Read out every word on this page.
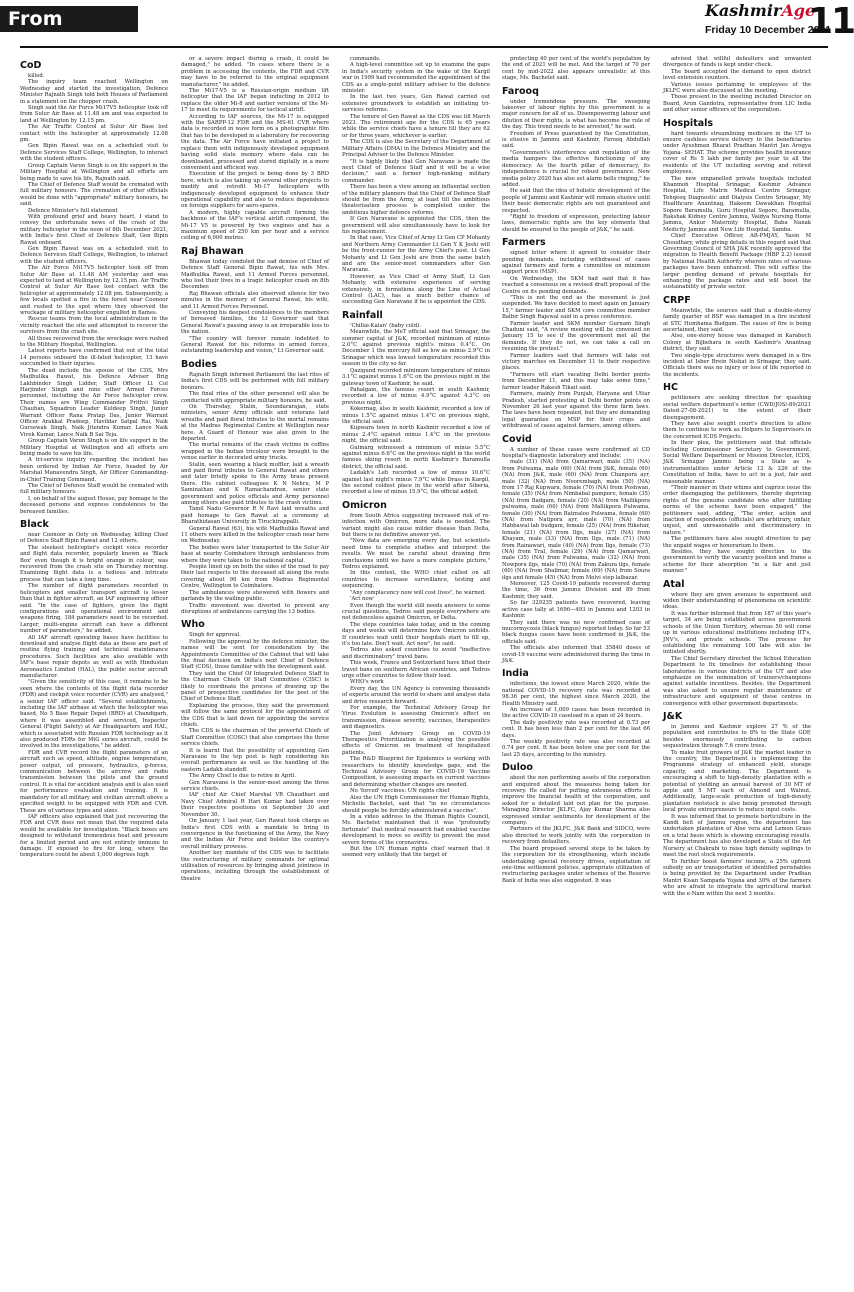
From Page....01
KashmirAge
Friday 10 December 2021
11
CoD

killed.

The inquiry team reached Wellington on Wednesday and started the investigation, Defence Minister Rajnath Singh told both Houses of Parliament in a statement on the chopper crash.

Singh said the Air Force Mi17V5 helicopter took off from Sulur Air Base at 11.48 am and was expected to land at Wellington by 12.15 pm.

The Air Traffic Control at Sulur Air Base lost contact with the helicopter at approximately 12.08 pm.

Gen Bipin Rawat was on a scheduled visit to Defence Services Staff College, Wellington, to interact with the student officers.

Group Captain Varun Singh is on life support in the Military Hospital at Wellington and all efforts are being made to save his life, Rajnath said.

The Chief of Defence Staff would be cremated with full military honours. The cremation of other officials would be done with "appropriate" military honours, he said.

Defence Minister's full statement

With profound grief and heavy heart, I stand to convey the unfortunate news of the crash of the military helicopter in the noon of 8th December 2021, with India's first Chief of Defence Staff, Gen Bipin Rawat onboard.

Gen Bipin Rawat was on a scheduled visit to Defence Services Staff College, Wellington, to interact with the student officers.

The Air Force Mi17V5 helicopter took off from Sulur Air Base at 11.48 AM yesterday and was expected to land at Wellington by 12.15 pm. Air Traffic Control at Sulur Air Base lost contact with the helicopter at approximately 12.08 pm. Subsequently, a few locals spotted a fire in the forest near Coonoor and rushed to the spot where they observed the wreckage of military helicopter engulfed in flames.

Rescue teams from the local administration in the vicinity reached the site and attempted to recover the survivors from the crash site.

All those recovered from the wreckage were rushed to the Military Hospital, Wellington.

Latest reports have confirmed that out of the total 14 persons onboard the ill-fated helicopter, 13 have succumbed to their injuries.

The dead include the spouse of the CDS, Mrs Madhulika Rawat, his Defence Adviser Brig Lakhbinder Singh Lidder, Staff Officer Lt Col Harjinder Singh and nine other Armed Forces personnel, including the Air Force helicopter crew. Their names are Wing Commander Prithvi Singh Chauhan, Squadron Leader Kuldeep Singh, Junior Warrant Officer Rana Pratap Das, Junior Warrant Officer Arakkal Pradeep, Havildar Satpal Rai, Naik Gursewak Singh, Naik Jitendra Kumar, Lance Naik Vivek Kumar, Lance Naik B Sai Teja.

Group Captain Varun Singh is on life support in the Military Hospital at Wellington and all efforts are being made to save his life.

A tri-service inquiry regarding the incident has been ordered by Indian Air Force, headed by Air Marshal Manavendra Singh, Air Officer Commanding-in-Chief Training Command.

The Chief of Defence Staff would be cremated with full military honours.

I, on behalf of the august House, pay homage to the deceased persons and express condolences to the bereaved families.

Black

near Coonoor in Ooty on Wednesday, killing Chief of Defence Staff Bipin Rawat and 12 others.

The sleekest helicopter's cockpit voice recorder and flight data recorder, popularly known as 'Black Box' even though it is bright orange in colour, was recovered from the crash site on Thursday morning. Examining flight data is a tedious and intricate process that can take a long time.

The number of flight parameters recorded in helicopters and smaller transport aircraft is lesser than that in fighter aircraft, an IAF engineering officer said. "In the case of fighters, given the flight configurations and operational environment and weapons firing, 184 parameters need to be recorded. Larger, multi-engine aircraft can have a different number of parameters," he added.

All IAF aircraft operating bases have facilities to download and analyse flight data as these are part of routine flying training and technical maintenance procedures. Such facilities are also available with IAF's base repair depots as well as with Hindustan Aeronautics Limited (HAL), the public sector aircraft manufacturer.

"Given the sensitivity of this case, it remains to be seen where the contents of the flight data recorder (FDR) and cockpit voice recorder (CVR) are analysed," a senior IAF officer said. "Several establishments, including the IAF airbase at which the helicopter was based, No 5 Base Repair Depot (BRD) at Chandigarh, where it was assembled and serviced, Inspector General (Flight Safety) at Air Headquarters and HAL, which is associated with Russian FDR technology as it also produced FDRs for MiG series aircraft, could be involved in the investigations," he added.

FDR and CVR record the flight parameters of an aircraft such as speed, altitude, engine temperature, power output, oil pressure, hydraulics, g-forces, communication between the aircrew and radio transmission between the pilots and the ground control. It is vital for accident analysis and is also used for performance evaluation and training. It is mandatory for all military and civilian aircraft above a specified weight to be equipped with FDR and CVR. These are of various types and sizes.

IAF officers also explained that just recovering the FDR and CVR does not mean that the required data would be available for investigation. "Black boxes are designed to withstand tremendous heat and pressure for a limited period and are not entirely immune to damage. If exposed to fire for long, where the temperature could be about 1,000 degrees high

or a severe impact during a crash, it could be damaged," he added. "In cases where there is a problem in accessing the contents, the FDR and CVR may have to be referred to the original equipment manufacturer," he added.

The Mi17-V5 is a Russian-origin medium lift helicopter that the IAF began inducting in 2012 to replace the older Mi-8 and earlier versions of the Mi-17 to meet its requirements for tactical airlift.

According to IAF sources, the Mi-17 is equipped with the SARPP-12 FDR and the MS-61 CVR where data is recorded in wave form on a photographic film that has to be developed in a laboratory for recovering the data. The Air Force have initiated a project to replace them with indigenously developed equipment having solid state memory where data can be downloaded, processed and stored digitally in a more convenient and efficient way.

Execution of the project is being done by 3 BRD here, which is also taking up several other projects to modify and retrofit Mi-17 helicopters with indigenously developed equipment to enhance their operational capability and also to reduce dependence on foreign suppliers for aero-spares.

A modern, highly capable aircraft forming the backbone of the IAF's vertical airlift component, the Mi-17 V5 is powered by two engines and has a maximum speed of 250 km per hour and a service ceiling of 6,000 metres.

Raj Bhawan

Bhawan today condoled the sad demise of Chief of Defence Staff General Bipin Rawat, his wife Mrs. Madhulika Rawat, and 11 Armed Forces personnel, who lost their lives in a tragic helicopter crash on 8th December.

Raj Bhawan officials also observed silence for two minutes in the memory of General Rawat, his wife, and 11 Armed Forces Personnel.

Conveying his deepest condolences to the members of bereaved families, the Lt Governor said that General Rawat's passing away is an irreparable loss to the nation.

"The country will forever remain indebted to General Rawat for his reforms in armed forces, outstanding leadership and vision," Lt Governor said.

Bodies

Rajnath Singh informed Parliament the last rites of India's first CDS will be performed with full military honours.

The final rites of the other personnel will also be conducted with appropriate military honours, he said.

On Thursday, Stalin, Soundararajan, state ministers, senior Army officials and veterans laid wreaths and paid floral tributes to the mortal remains at the Madras Regimental Centre at Wellington near here. A Guard of Honour was also given to the departed.

The mortal remains of the crash victims in coffins wrapped in the Indian tricolour were brought to the venue earlier in decorated army trucks.

Stalin, seen wearing a black muffler, laid a wreath and paid floral tributes to General Rawat and others and later briefly spoke to the Army brass present there. His cabinet colleagues K N Nehru, M P Saminathan and K Ramachandran, senior state government and police officials and Army personnel among others also paid tributes to the crash victims.

Tamil Nadu Governor R N Ravi laid wreaths and paid homage to Gen Rawat at a ceremony at Bharathidasan University in Tiruchirappalli.

General Rawat (63), his wife Madhulika Rawat and 11 others were killed in the helicopter crash near here on Wednesday.

The bodies were later transported to the Sulur Air base at nearby Coimbatore through ambulances from where they were taken to the national capital.

People lined up on both the sides of the road to pay their last respects to the deceased all along the route covering about 90 km from Madras Regimental Centre, Wellington to Coimbatore.

The ambulances were showered with flowers and garlands by the wailing public.

Traffic movement was diverted to prevent any disruptions of ambulances carrying the 13 bodies.

Who

Singh for approval.

Following the approval by the defence minister, the names will be sent for consideration by the Appointments Committee of the Cabinet that will take the final decision on India's next Chief of Defence Staff (CDS), those familiar with the development said.

They said the Chief Of Integrated Defence Staff to the Chairman Chiefs Of Staff Committee (CISC) is likely to coordinate the process of drawing up the panel of prospective candidates for the post of the Chief of Defence Staff.

Explaining the process, they said the government will follow the same protocol for the appointment of the CDS that is laid down for appointing the service chiefs.

The CDS is the chairman of the powerful Chiefs of Staff Committee (COSC) that also comprises the three service chiefs.

It is learnt that the possibility of appointing Gen Naravane to the top post is high considering his overall performance as well as the handling of the eastern Ladakh standoff.

The Army Chief is due to retire in April.

Gen Naravane is the senior-most among the three service chiefs.

IAF chief Air Chief Marshal VR Chaudhari and Navy Chief Admiral R Hari Kumar had taken over their respective positions on September 30 and November 30.

On January 1 last year, Gen Rawat took charge as India's first CDS with a mandate to bring in convergence in the functioning of the Army, the Navy and the Indian Air Force and bolster the country's overall military prowess.

Another key mandate of the CDS was to facilitate the restructuring of military commands for optimal utilisation of resources by bringing about jointness in operations, including through the establishment of theatre

commands.

A high-level committee set up to examine the gaps in India's security system in the wake of the Kargil war in 1999 had recommended the appointment of the CDS as a single-point military adviser to the defence minister.

In the last two years, Gen Rawat carried out extensive groundwork to establish an initiating tri-services reforms.

The tenure of Gen Rawat as the CDS was till March 2023. The retirement age for the CDS is 65 years while the service chiefs have a tenure till they are 62 or for three years, whichever is earlier.

The CDS is also the Secretary of the Department of Military Affairs (DMA) in the Defence Ministry and the Principal Adviser to the Defence Minister.

"It is highly likely that Gen Naravane is made the next Chief of Defence Staff and it will be a wise decision," said a former high-ranking military commander.

There has been a view among an influential section of the military planners that the Chief of Defence Staff should be from the Army, at least till the ambitious theaterisation process is completed under the ambitious higher defence reforms.

If Gen Naravane is appointed the CDS, then the government will also simultaneously have to look for his replacement.

In that case, Vice Chief of Army Lt Gen CP Mohanty and Northern Army Commander Lt Gen Y K Joshi will be the front-runner for the Army Chief's post. Lt Gen Mohanty and Lt Gen Joshi are from the same batch and are the senior-most commanders after Gen Naravane.

However, as Vice Chief of Army Staff, Lt Gen Mohanty, with extensive experience of serving extensively, in formations along the Line of Actual Control (LAC), has a much better chance of succeeding Gen Naravane if he is appointed the CDS.

Rainfall

'Chillai-Kalan' (baby cold).

Meanwhile, the MeT official said that Srinagar, the summer capital of J&K, recorded minimum of minus 2.0°C against previous night's minus 0.4°C. On December 1 the mercury fell as low as minus 2.9°C in Srinagar which was lowest temperature recorded this season in the city so far.

Qazigund recorded minimum temperature of minus 3.1°C against minus 1.6°C on the previous night in the gateway town of Kashmir, he said.

Pahalgam, the famous resort in south Kashmir, recorded a low of minus 4.9°C against 4.3°C on previous night.

Kokernag, also in south Kashmir, recorded a low of minus 1.5°C against minus 1.4°C on previous night, the official said.

Kupwara town in north Kashmir recorded a low of minus 2.4°C against minus 1.4°C on the previous night, the official said.

Gulmarg witnessed a minimum of minus 5.5°C against minus 6.6°C on the previous night in the world famous skiing resort in north Kashmir's Baramulla district, the official said.

Ladakh's Leh recorded a low of minus 10.6°C against last night's minus 7.9°C while Drass in Kargil, the second coldest place in the world after Siberia, recorded a low of minus 15.9°C, the official added.

Omicron

from South Africa suggesting increased risk of re-infection with Omicron, more data is needed. The variant might also cause milder disease than Delta, but there is no definitive answer yet.

"New data are emerging every day, but scientists need time to complete studies and interpret the results. We must be careful about drawing firm conclusions until we have a more complete picture," Tedros explained.

In this context, the WHO chief called on all countries to increase surveillance, testing and sequencing.

"Any complacency now will cost lives", he warned.

'Act now'

Even though the world still needs answers to some crucial questions, Tedros said people everywhere are not defenceless against Omicron, or Delta.

The steps countries take today, and in the coming days and weeks will determine how Omicron unfolds. If countries wait until their hospitals start to fill up, it's too late. Don't wait. Act now", he said.

Tedros also asked countries to avoid "ineffective and discriminatory" travel bans.

This week, France and Switzerland have lifted their travel bans on southern African countries, and Tedros urge other countries to follow their lead.

WHO's work

Every day, the UN Agency is convening thousands of experts around the world to share and analyse data and drive research forward.

For example, the Technical Advisory Group for Virus Evolution is assessing Omicron's effect on transmission, disease severity, vaccines, therapeutics and diagnostics.

The Joint Advisory Group on COVID-19 Therapeutics Prioritization is analysing the possible effects of Omicron on treatment of hospitalized patients.

The R&D Blueprint for Epidemics is working with researchers to identify knowledge gaps, and the Technical Advisory Group for COVID-19 Vaccine Composition, is assessing impacts on current vaccines and determining whether changes are needed.

No 'forced' vaccines: UN rights chief

Also the UN High Commissioner for Human Rights, Michelle Bachelet, said that "in no circumstances should people be forcibly administered a vaccine".

In a video address to the Human Rights Council, Ms. Bachelet maintained that it was "profoundly fortunate" that medical research had enabled vaccine development to move so swiftly to prevent the most severe forms of the coronavirus.

But the UN Human rights chief warned that it seemed very unlikely that the target of

protecting 40 per cent of the world's population by the end of 2021 will be met. And the target of 70 per cent by mid-2022 also appears unrealistic at this stage, Ms. Bachelet said.

Farooq

under tremendous pressure. The sweeping takeover of labour rights by this government is a major concern for all of us. Disempowering labour and dilution of their rights, is what has become the rule of the day. This trend needs to be arrested," he said.

Freedom of Press guaranteed by the Constitution, is elusive in Jammu and Kashmir, Farooq Abdullah said.

"Government's interference and regulation of the media hampers the effective functioning of any democracy. As the fourth pillar of democracy, its independence is crucial for robust governance. New media policy 2020 has also set alarm bells ringing," he added.

He said that the idea of holistic development of the people of Jammu and Kashmir will remain elusive until their basic democratic rights are not guaranteed and respected.

"Right to freedom of expression, protecting labour laws, democratic rights are the key elements that should be ensured to the people of J&K," he said.

Farmers

signed letter where it agreed to consider their pending demands, including withdrawal of cases against farmers and form a committee on minimum support price (MSP).

On Wednesday, the SKM had said that it has reached a consensus on a revised draft proposal of the Centre on its pending demands.

"This is not the end as the movement is just suspended. We have decided to meet again on January 15," farmer leader and SKM core committee member Balbir Singh Rajewal said in a press conference.

Farmer leader and SKM member Gurnam Singh Chaduni said, "A review meeting will be convened on January 15 to see if the government met all the demands. If they do not, we can take a call on resuming the protest."

Farmer leaders said that farmers will take out victory marches on December 11 to their respective places.

"Farmers will start vacating Delhi border points from December 11, and this may take some time," farmer leader Rakesh Tikait said.

Farmers, mainly from Punjab, Haryana and Uttar Pradesh, started protesting at Delhi border points on November 26 last year against the three farm laws. The laws have been repealed, but they are demanding legal guarantee on MSP for their crops and withdrawal of cases against farmers, among others.

Covid

A number of these cases were confirmed at CD hospital's diagnostic laboratory and include:

male (31) (NA) from Qamarwari, male (35) (NA) from Pulwama, male (60) (NA) from J&K, female (60) (NA) from J&K, male (60) (NA) from Chanpora ayr, male (32) (NA) from Noorembagh, male (50) (NA) from 17 Raj Kupwara, female (70) (NA) from Poshwan, female (35) (NA) from Nimbabal pampore, female (35) (NA) from Badgam, female (20) (NA) from Mallikpora pulwama, male (60) (NA) from Mallikpora Pulwama, female (30) (NA) from Batmaloo Pulwama, female (60) (NA) from Natipora ayr, male (70) (NA) from Habbawal lab budgam, female (25) (NA) from Rikehar, female (21) (NA) from Ilgs, male (27) (NA) from Khayam, male (33) (NA) from Ilgs, male (71) (NA) from Rainawari, male (40) (NA) from Ilgs, female (73) (NA) from Tral, female (29) (NA) from Qamarwari, male (35) (NA) from Pulwama, male (32) (NA) from Nowpora ilgs, male (70) (NA) from Zakura ilgs, female (60) (NA) from Shalimar, female (69) (NA) from Soura ilgs and female (45) (NA) from Molvi step lalbazar.

Moreover, 125 Covid-19 patients recovered during the time, 36 from Jammu Division and 89 from Kashmir, they said.

So far 329235 patients have recovered, leaving active case tally at 1696—493 in Jammu and 1203 in Kashmir.

They said there was no new confirmed case of mucormycosis (black fungus) reported today. So far 53 black fungus cases have been confirmed in J&K, the officials said.

The officials also informed that 35840 doses of covid-19 vaccine were administered during the time in J&K.

India

infections, the lowest since March 2020, while the national COVID-19 recovery rate was recorded at 98.36 per cent, the highest since March 2020, the Health Ministry said.

An increase of 1,009 cases has been recorded in the active COVID-19 caseload in a span of 24 hours.

The daily positivity rate was recorded at 0.73 per cent. It has been less than 2 per cent for the last 66 days.

The weekly positivity rate was also recorded at 0.74 per cent. It has been below one per cent for the last 25 days, according to the ministry.

Duloo

about the non performing assets of the corporation and enquired about the measures being taken for recovery. He called for putting extraneous efforts to improve the financial health of the corporation, and asked for a detailed laid out plan for the purpose. Managing Director JKLFC, Ajay Kumar Sharma also expressed similar sentiments for development of the company.

Partners of the JKLFC, J&K Bank and SIDCO, were also directed to work jointly with the corporation in recovery from defaulters.

The board proposed several steps to be taken by the corporation for its strengthening, which include undertaking special recovery drives, exploitation of one-time settlement policies, appropriate utilization of restructuring packages under schemes of the Reserve Bank of India was also suggested. It was

advised that willful defaulters and unwanted divergence of funds is kept under check.

The board accepted the demand to open district level extension counters.

Various issues pertaining to employees of the JKLFC were also discussed at the meeting.

Those present in the meeting included Director on Board, Arun Gandotra, representative from LIC India and other senior officers of the corporation.

Hospitals

hard towards streamlining medicare in the UT to ensure cashless service delivery to the beneficiaries under Ayushman Bharat Pradhan Mantri Jan Arogya Yojana- SEHAT. The scheme provides health insurance cover of Rs 5 lakh per family per year to all the residents of the UT including serving and retired employees.

The new empanelled private hospitals included Khanmoh Hospital Srinagar, Kashmir Advance Hospital, Life Matrix Medical Centre Srinagar, Tehqeeq Diagnostic and Dialysis Centre Srinagar, My Healthcare Anantnag, Hakeem Dawakhan Hospital Sopore Baramulla, Guru Hospital Sopore, Baramulla, Rakshak Kidney Centre Jammu, Vaidya Nursing Home Jammu, Ankur Maternity Hospital, Baba Nanak Medicity Jammu and New Life Hospital, Samba.

Chief Executive Officer, AB-PMJAY, Yasin M Choudhary, while giving details in this regard said that Governing Council of SHA J&K recently approved the migration to Health Benefit Package (HBP 2.2) issued by National Health Authority wherein rates of various packages have been enhanced. This will suffice the larger pending demand of private hospitals for enhancing the package rates and will boost the sustainability of private sector.

CRPF

Meanwhile, the sources said that a double-storey family quarter of BSF was damaged in a fire incident at STC Humhama Budgam. The cause of fire is being ascertained, they said.

Also, one-storey house was damaged in Karaboch Colony at Bijbehara in south Kashmir's Anantnag district, they said.

Two single-type structures were damaged in a fire incident at Isber Brein Nishat in Srinagar, they said. Officials there was no injury or loss of life reported in the incidents.

HC

petitioners are seeking direction for quashing social welfare department's order (CWD/JOS/-89/2021 Dated-27-08-2021) to the extent of their disengagement.

They have also sought court's direction to allow them to continue to work as Helpers to Supervisors in the concerned ICDS Projects.

In their plea, the petitioners said that officials including Commissioner Secretary to Government, Social Welfare Department or Mission Director, ICDS, J&K Srinagar Jammu being a State as is instrumentalities under Article 12 & 226 of the Constitution of India, have to act in a just, fair and reasonable manner.

"Their manner in their whims and caprice issue the order disengaging the petitioners, thereby depriving rights of the genuine candidate who after fulfilling norms of the scheme have been engaged," the petitioners said, adding, "The order, action and inaction of respondents (officials) are arbitrary, unfair, unjust, and unreasonable and discriminatory in nature."

The petitioners have also sought direction to pay the unpaid wages or honorarium to them.

Besides, they have sought direction to the government to verify the vacancy position and frame a scheme for their absorption "in a fair and just manner."

Atal

where they are given avenues to experiment and widen their understanding of phenomena on scientific ideas.

It was further informed that from 187 of this year's target, 34 are being established across government schools of the Union Territory, whereas 50 will come up in various educational institutions including IIT's, JNV's, and private schools. The process for establishing the remaining 100 labs will also be initiated shortly.

The Chief Secretary directed the School Education Department to fix timelines for establishing these laboratories in various districts of the UT and also emphasize on the nomination of trainers/champions against suitable incentives. Besides, the Department was also asked to ensure regular maintenance of infrastructure and equipment of these centres in convergence with other government departments.

J&K

in Jammu and Kashmir explore 27 % of the population and contributes to 8% to the State GDP, besides enormously contributing to carbon sequestration through 7.6 crore trees.

To make fruit growers of J&K the market leader in the country, the Department is implementing the Programme strategy of enhanced yield, storage capacity, and marketing. The Department is encouraging a shift to high-density plantation with a potential of yielding an annual harvest of 30 MT of apple and 5 MT each of Almond and Walnut. Additionally, large-scale production of high-density plantation rootstock is also being promoted through local private entrepreneurs to reduce input costs.

It was informed that to promote horticulture in the Kandi belt of Jammu region, the department has undertaken plantation of Aloe vera and Lemon Grass on a trial basis which is showing encouraging results. The department has also developed a State of the Art Nursery at Chakrabi to raise high density saplings to meet the root stock requirements.

To further boost farmers' income, a 25% upfront subsidy on air transportation of identified perishables is being provided by the Department under Pradhan Mantri Kisan Sampada Yojana and 30% of the farmers who are afraid to integrate the agricultural market with the e-Nam within the next 3 months.
